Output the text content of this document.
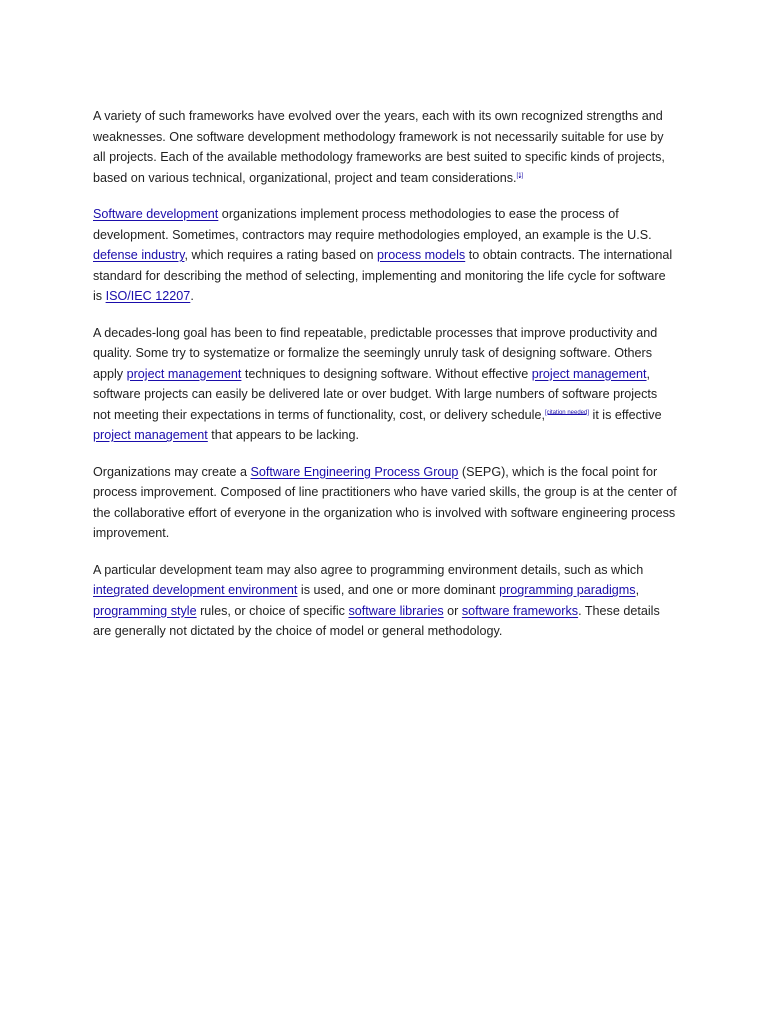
A variety of such frameworks have evolved over the years, each with its own recognized strengths and weaknesses. One software development methodology framework is not necessarily suitable for use by all projects. Each of the available methodology frameworks are best suited to specific kinds of projects, based on various technical, organizational, project and team considerations.[1]

Software development organizations implement process methodologies to ease the process of development. Sometimes, contractors may require methodologies employed, an example is the U.S. defense industry, which requires a rating based on process models to obtain contracts. The international standard for describing the method of selecting, implementing and monitoring the life cycle for software is ISO/IEC 12207.

A decades-long goal has been to find repeatable, predictable processes that improve productivity and quality. Some try to systematize or formalize the seemingly unruly task of designing software. Others apply project management techniques to designing software. Without effective project management, software projects can easily be delivered late or over budget. With large numbers of software projects not meeting their expectations in terms of functionality, cost, or delivery schedule,[citation needed] it is effective project management that appears to be lacking.

Organizations may create a Software Engineering Process Group (SEPG), which is the focal point for process improvement. Composed of line practitioners who have varied skills, the group is at the center of the collaborative effort of everyone in the organization who is involved with software engineering process improvement.

A particular development team may also agree to programming environment details, such as which integrated development environment is used, and one or more dominant programming paradigms, programming style rules, or choice of specific software libraries or software frameworks. These details are generally not dictated by the choice of model or general methodology.
